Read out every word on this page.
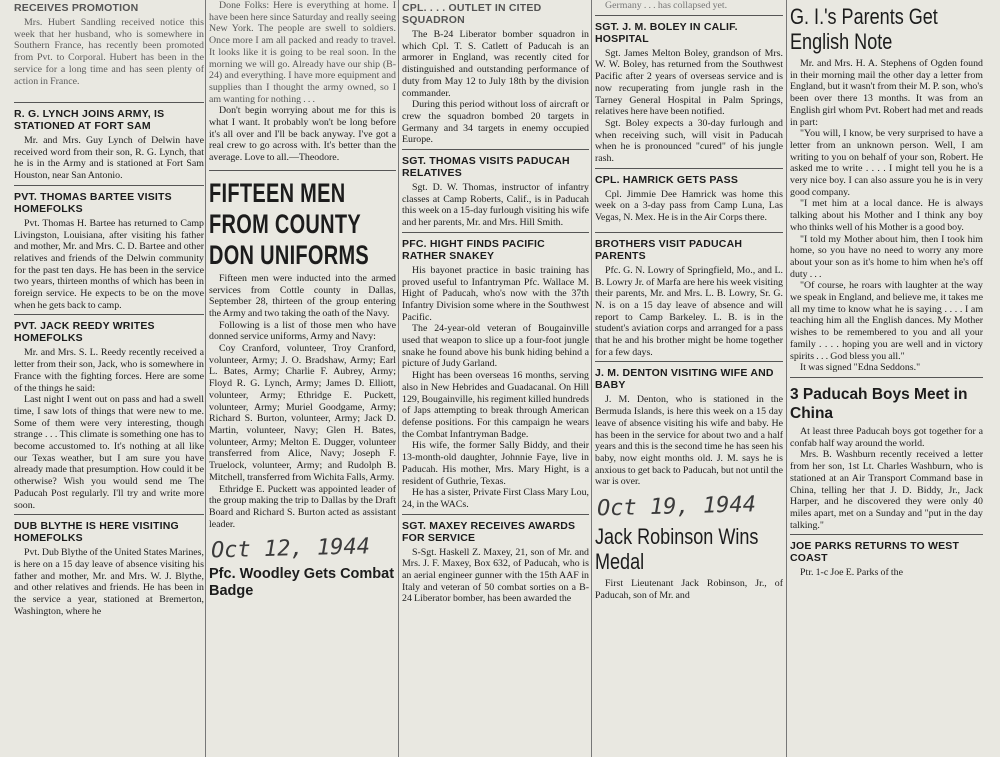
RECEIVES PROMOTION

Mrs. Hubert Sandling received notice this week that her husband, who is somewhere in Southern France, has recently been promoted from Pvt. to Corporal. Hubert has been in the service for a long time and has seen plenty of action in France.

R. G. LYNCH JOINS ARMY, IS STATIONED AT FORT SAM

Mr. and Mrs. Guy Lynch of Delwin have received word from their son, R. G. Lynch, that he is in the Army and is stationed at Fort Sam Houston, near San Antonio.

PVT. THOMAS BARTEE VISITS HOMEFOLKS

Pvt. Thomas H. Bartee has returned to Camp Livingston, Louisiana, after visiting his father and mother, Mr. and Mrs. C. D. Bartee and other relatives and friends of the Delwin community for the past ten days. He has been in the service two years, thirteen months of which has been in foreign service. He expects to be on the move when he gets back to camp.

PVT. JACK REEDY WRITES HOMEFOLKS

Mr. and Mrs. S. L. Reedy recently received a letter from their son, Jack, who is somewhere in France with the fighting forces. Here are some of the things he said:

Last night I went out on pass and had a swell time, I saw lots of things that were new to me. Some of them were very interesting, though strange . . . This climate is something one has to become accustomed to. It's nothing at all like our Texas weather, but I am sure you have already made that presumption. How could it be otherwise? Wish you would send me The Paducah Post regularly. I'll try and write more soon.

DUB BLYTHE IS HERE VISITING HOMEFOLKS

Pvt. Dub Blythe of the United States Marines, is here on a 15 day leave of absence visiting his father and mother, Mr. and Mrs. W. J. Blythe, and other relatives and friends. He has been in the service a year, stationed at Bremerton, Washington, where he

Done Folks: Here is everything at home. I have been here since Saturday and really seeing New York. The people are swell to soldiers. Once more I am all packed and ready to travel. It looks like it is going to be real soon. In the morning we will go. Already have our ship (B-24) and everything. I have more equipment and supplies than I thought the army owned, so I am wanting for nothing . . .

Don't begin worrying about me for this is what I want. It probably won't be long before it's all over and I'll be back anyway. I've got a real crew to go across with. It's better than the average. Love to all.—Theodore.

FIFTEEN MEN FROM COUNTY DON UNIFORMS

Fifteen men were inducted into the armed services from Cottle county in Dallas, September 28, thirteen of the group entering the Army and two taking the oath of the Navy.

Following is a list of those men who have donned service uniforms, Army and Navy:

Coy Cranford, volunteer, Troy Cranford, volunteer, Army; J. O. Bradshaw, Army; Earl L. Bates, Army; Charlie F. Aubrey, Army; Floyd R. G. Lynch, Army; James D. Elliott, volunteer, Army; Ethridge E. Puckett, volunteer, Army; Muriel Goodgame, Army; Richard S. Burton, volunteer, Army; Jack D. Martin, volunteer, Navy; Glen H. Bates, volunteer, Army; Melton E. Dugger, volunteer transferred from Alice, Navy; Joseph F. Truelock, volunteer, Army; and Rudolph B. Mitchell, transferred from Wichita Falls, Army.

Ethridge E. Puckett was appointed leader of the group making the trip to Dallas by the Draft Board and Richard S. Burton acted as assistant leader.

Oct 12, 1944
Pfc. Woodley Gets Combat Badge
CPL. . . . OUTLET IN CITED SQUADRON

The B-24 Liberator bomber squadron in which Cpl. T. S. Catlett of Paducah is an armorer in England, was recently cited for distinguished and outstanding performance of duty from May 12 to July 18th by the division commander.

During this period without loss of aircraft or crew the squadron bombed 20 targets in Germany and 34 targets in enemy occupied Europe.

SGT. THOMAS VISITS PADUCAH RELATIVES

Sgt. D. W. Thomas, instructor of infantry classes at Camp Roberts, Calif., is in Paducah this week on a 15-day furlough visiting his wife and her parents, Mr. and Mrs. Hill Smith.

PFC. HIGHT FINDS PACIFIC RATHER SNAKEY

His bayonet practice in basic training has proved useful to Infantryman Pfc. Wallace M. Hight of Paducah, who's now with the 37th Infantry Division some where in the Southwest Pacific.

The 24-year-old veteran of Bougainville used that weapon to slice up a four-foot jungle snake he found above his bunk hiding behind a picture of Judy Garland.

Hight has been overseas 16 months, serving also in New Hebrides and Guadacanal. On Hill 129, Bougainville, his regiment killed hundreds of Japs attempting to break through American defense positions. For this campaign he wears the Combat Infantryman Badge.

His wife, the former Sally Biddy, and their 13-month-old daughter, Johnnie Faye, live in Paducah. His mother, Mrs. Mary Hight, is a resident of Guthrie, Texas.

He has a sister, Private First Class Mary Lou, 24, in the WACs.

SGT. MAXEY RECEIVES AWARDS FOR SERVICE

S-Sgt. Haskell Z. Maxey, 21, son of Mr. and Mrs. J. F. Maxey, Box 632, of Paducah, who is an aerial engineer gunner with the 15th AAF in Italy and veteran of 50 combat sorties on a B-24 Liberator bomber, has been awarded the

Germany . . . has collapsed yet.

SGT. J. M. BOLEY IN CALIF. HOSPITAL

Sgt. James Melton Boley, grandson of Mrs. W. W. Boley, has returned from the Southwest Pacific after 2 years of overseas service and is now recuperating from jungle rash in the Tarney General Hospital in Palm Springs, relatives here have been notified.

Sgt. Boley expects a 30-day furlough and when receiving such, will visit in Paducah when he is pronounced "cured" of his jungle rash.

CPL. HAMRICK GETS PASS

Cpl. Jimmie Dee Hamrick was home this week on a 3-day pass from Camp Luna, Las Vegas, N. Mex. He is in the Air Corps there.

BROTHERS VISIT PADUCAH PARENTS

Pfc. G. N. Lowry of Springfield, Mo., and L. B. Lowry Jr. of Marfa are here his week visiting their parents, Mr. and Mrs. L. B. Lowry, Sr. G. N. is on a 15 day leave of absence and will report to Camp Barkeley. L. B. is in the student's aviation corps and arranged for a pass that he and his brother might be home together for a few days.

J. M. DENTON VISITING WIFE AND BABY

J. M. Denton, who is stationed in the Bermuda Islands, is here this week on a 15 day leave of absence visiting his wife and baby. He has been in the service for about two and a half years and this is the second time he has seen his baby, now eight months old. J. M. says he is anxious to get back to Paducah, but not until the war is over.

Oct 19, 1944
Jack Robinson Wins Medal

First Lieutenant Jack Robinson, Jr., of Paducah, son of Mr. and

G. I.'s Parents Get English Note

Mr. and Mrs. H. A. Stephens of Ogden found in their morning mail the other day a letter from England, but it wasn't from their M. P. son, who's been over there 13 months. It was from an English girl whom Pvt. Robert had met and reads in part:

"You will, I know, be very surprised to have a letter from an unknown person. Well, I am writing to you on behalf of your son, Robert. He asked me to write . . . . I might tell you he is a very nice boy. I can also assure you he is in very good company.

"I met him at a local dance. He is always talking about his Mother and I think any boy who thinks well of his Mother is a good boy.

"I told my Mother about him, then I took him home, so you have no need to worry any more about your son as it's home to him when he's off duty . . .

"Of course, he roars with laughter at the way we speak in England, and believe me, it takes me all my time to know what he is saying . . . . I am teaching him all the English dances. My Mother wishes to be remembered to you and all your family . . . . hoping you are well and in victory spirits . . . God bless you all."

It was signed "Edna Seddons."

3 Paducah Boys Meet in China

At least three Paducah boys got together for a confab half way around the world.

Mrs. B. Washburn recently received a letter from her son, 1st Lt. Charles Washburn, who is stationed at an Air Transport Command base in China, telling her that J. D. Biddy, Jr., Jack Harper, and he discovered they were only 40 miles apart, met on a Sunday and "put in the day talking."

JOE PARKS RETURNS TO WEST COAST

Ptr. 1-c Joe E. Parks of the
